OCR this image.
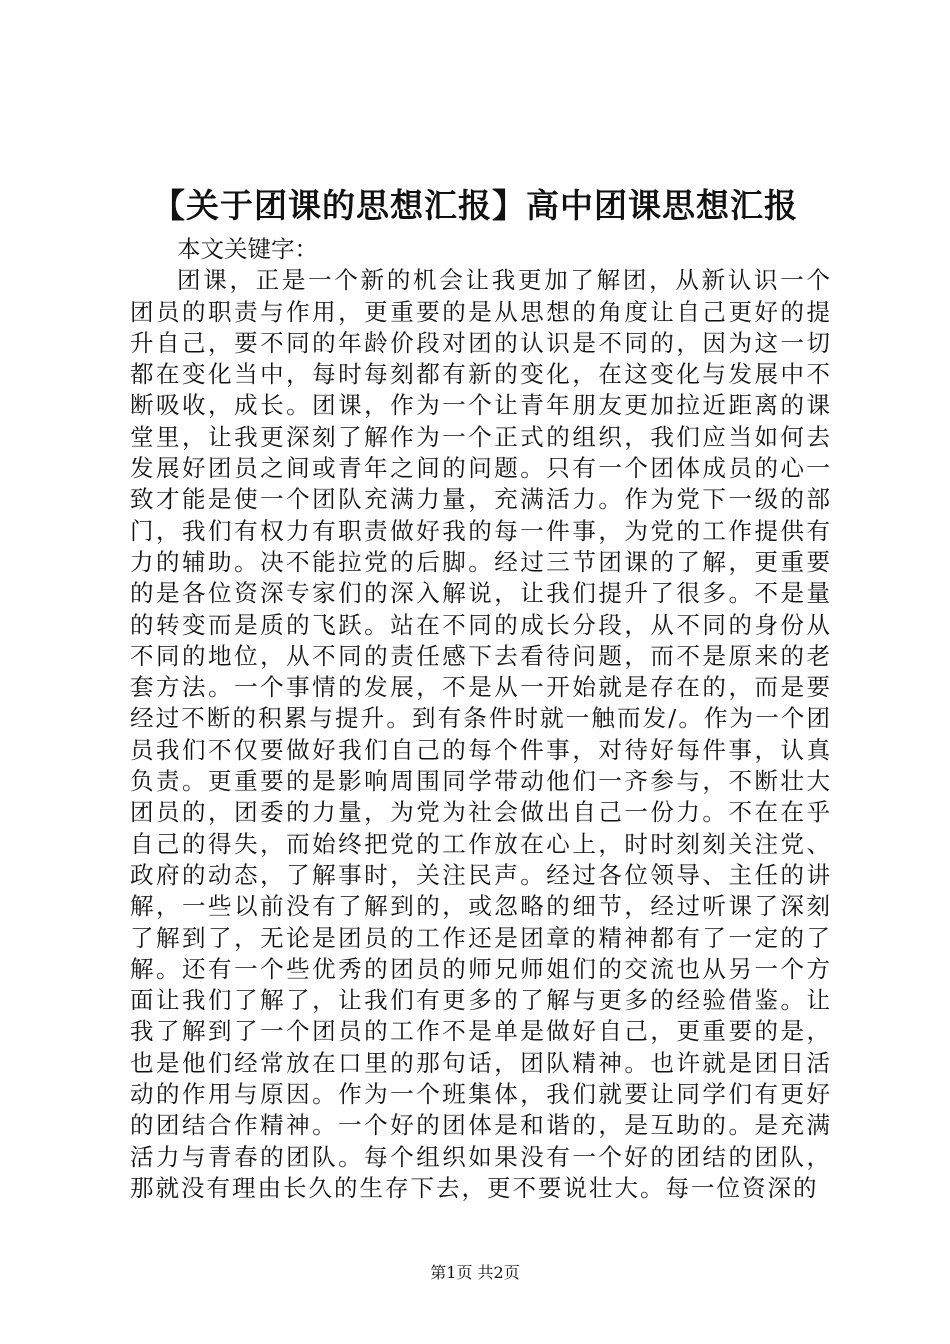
【关于团课的思想汇报】高中团课思想汇报

本文关键字：

团课，正是一个新的机会让我更加了解团，从新认识一个团员的职责与作用，更重要的是从思想的角度让自己更好的提升自己，要不同的年龄价段对团的认识是不同的，因为这一切都在变化当中，每时每刻都有新的变化，在这变化与发展中不断吸收，成长。团课，作为一个让青年朋友更加拉近距离的课堂里，让我更深刻了解作为一个正式的组织，我们应当如何去发展好团员之间或青年之间的问题。只有一个团体成员的心一致才能是使一个团队充满力量，充满活力。作为党下一级的部门，我们有权力有职责做好我的每一件事，为党的工作提供有力的辅助。决不能拉党的后脚。经过三节团课的了解，更重要的是各位资深专家们的深入解说，让我们提升了很多。不是量的转变而是质的飞跃。站在不同的成长分段，从不同的身份从不同的地位，从不同的责任感下去看待问题，而不是原来的老套方法。一个事情的发展，不是从一开始就是存在的，而是要经过不断的积累与提升。到有条件时就一触而发/。作为一个团员我们不仅要做好我们自己的每个件事，对待好每件事，认真负责。更重要的是影响周围同学带动他们一齐参与，不断壮大团员的，团委的力量，为党为社会做出自己一份力。不在在乎自己的得失，而始终把党的工作放在心上，时时刻刻关注党、政府的动态，了解事时，关注民声。经过各位领导、主任的讲解，一些以前没有了解到的，或忽略的细节，经过听课了深刻了解到了，无论是团员的工作还是团章的精神都有了一定的了解。还有一个些优秀的团员的师兄师姐们的交流也从另一个方面让我们了解了，让我们有更多的了解与更多的经验借鉴。让我了解到了一个团员的工作不是单是做好自己，更重要的是，也是他们经常放在口里的那句话，团队精神。也许就是团日活动的作用与原因。作为一个班集体，我们就要让同学们有更好的团结合作精神。一个好的团体是和谐的，是互助的。是充满活力与青春的团队。每个组织如果没有一个好的团结的团队，那就没有理由长久的生存下去，更不要说壮大。每一位资深的

第1页 共2页
